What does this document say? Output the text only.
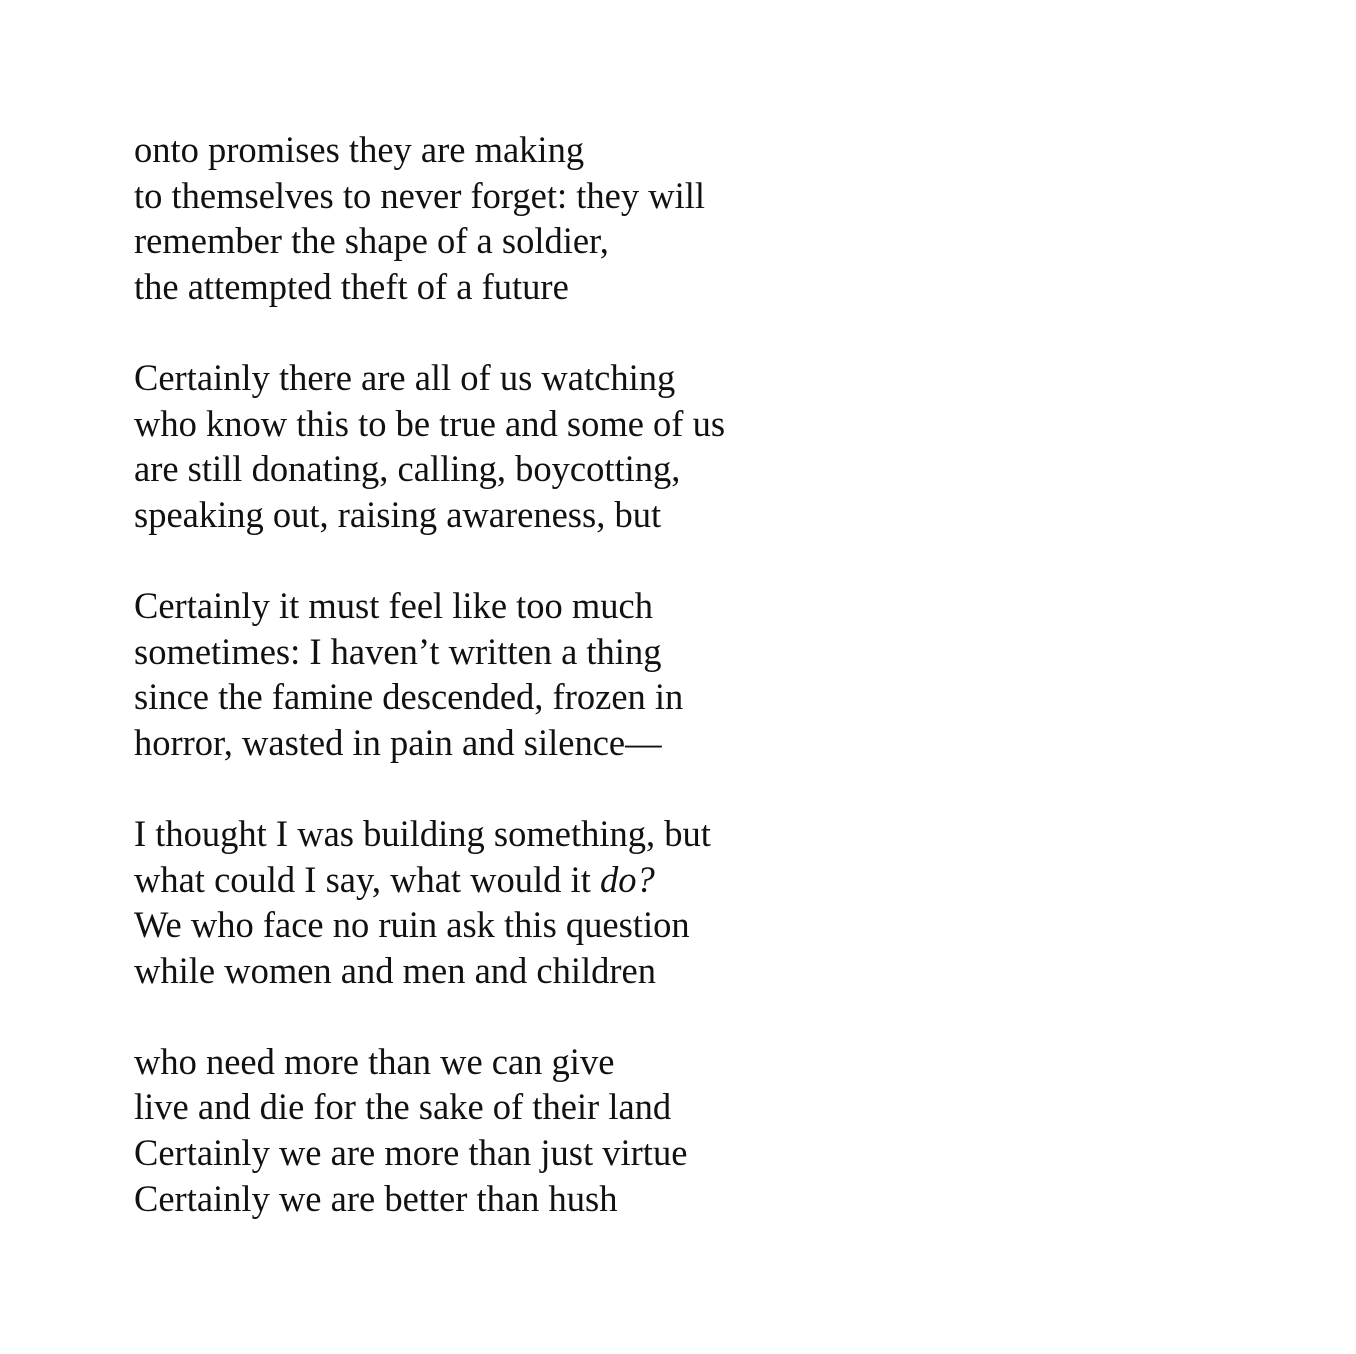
onto promises they are making
to themselves to never forget: they will
remember the shape of a soldier,
the attempted theft of a future
Certainly there are all of us watching
who know this to be true and some of us
are still donating, calling, boycotting,
speaking out, raising awareness, but
Certainly it must feel like too much
sometimes: I haven’t written a thing
since the famine descended, frozen in
horror, wasted in pain and silence—
I thought I was building something, but
what could I say, what would it do?
We who face no ruin ask this question
while women and men and children
who need more than we can give
live and die for the sake of their land
Certainly we are more than just virtue
Certainly we are better than hush
